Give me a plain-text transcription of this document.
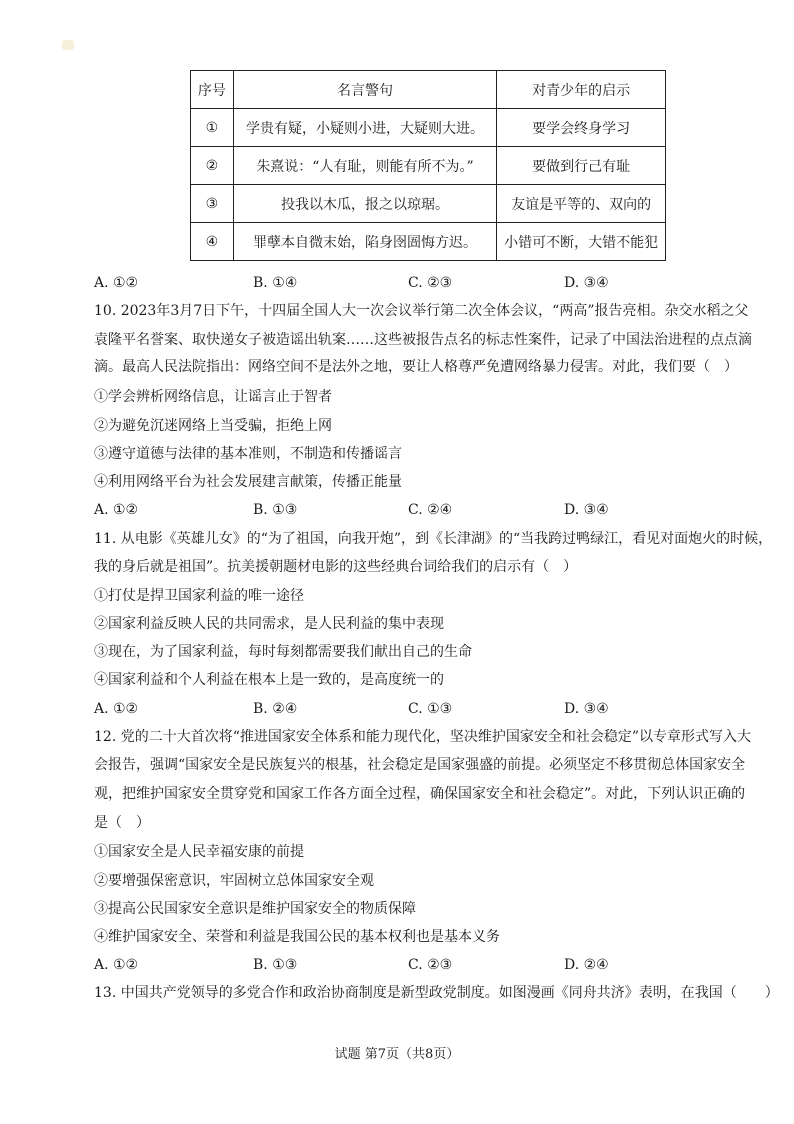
序号	名言警句	对青少年的启示
①	学贵有疑，小疑则小进，大疑则大进。	要学会终身学习
②	朱熹说：“人有耻，则能有所不为。”	要做到行己有耻
③	投我以木瓜，报之以琼琚。	友谊是平等的、双向的
④	罪孽本自微末始，陷身囹圄悔方迟。	小错可不断，大错不能犯
A. ①②	B. ①④	C. ②③	D. ③④
10. 2023年3月7日下午，十四届全国人大一次会议举行第二次全体会议，“两高”报告亮相。杂交水稻之父
袁隆平名誉案、取快递女子被造谣出轨案……这些被报告点名的标志性案件，记录了中国法治进程的点点滴
滴。最高人民法院指出：网络空间不是法外之地，要让人格尊严免遭网络暴力侵害。对此，我们要（　）
①学会辨析网络信息，让谣言止于智者
②为避免沉迷网络上当受骗，拒绝上网
③遵守道德与法律的基本准则，不制造和传播谣言
④利用网络平台为社会发展建言献策，传播正能量
A. ①②	B. ①③	C. ②④	D. ③④
11. 从电影《英雄儿女》的“为了祖国，向我开炮”，到《长津湖》的“当我跨过鸭绿江，看见对面炮火的时候，
我的身后就是祖国”。抗美援朝题材电影的这些经典台词给我们的启示有（　）
①打仗是捍卫国家利益的唯一途径
②国家利益反映人民的共同需求，是人民利益的集中表现
③现在，为了国家利益，每时每刻都需要我们献出自己的生命
④国家利益和个人利益在根本上是一致的，是高度统一的
A. ①②	B. ②④	C. ①③	D. ③④
12. 党的二十大首次将“推进国家安全体系和能力现代化，坚决维护国家安全和社会稳定”以专章形式写入大
会报告，强调“国家安全是民族复兴的根基，社会稳定是国家强盛的前提。必须坚定不移贯彻总体国家安全
观，把维护国家安全贯穿党和国家工作各方面全过程，确保国家安全和社会稳定”。对此，下列认识正确的
是（　）
①国家安全是人民幸福安康的前提
②要增强保密意识，牢固树立总体国家安全观
③提高公民国家安全意识是维护国家安全的物质保障
④维护国家安全、荣誉和利益是我国公民的基本权利也是基本义务
A. ①②	B. ①③	C. ②③	D. ②④
13. 中国共产党领导的多党合作和政治协商制度是新型政党制度。如图漫画《同舟共济》表明，在我国（　　）
试题 第7页（共8页）
